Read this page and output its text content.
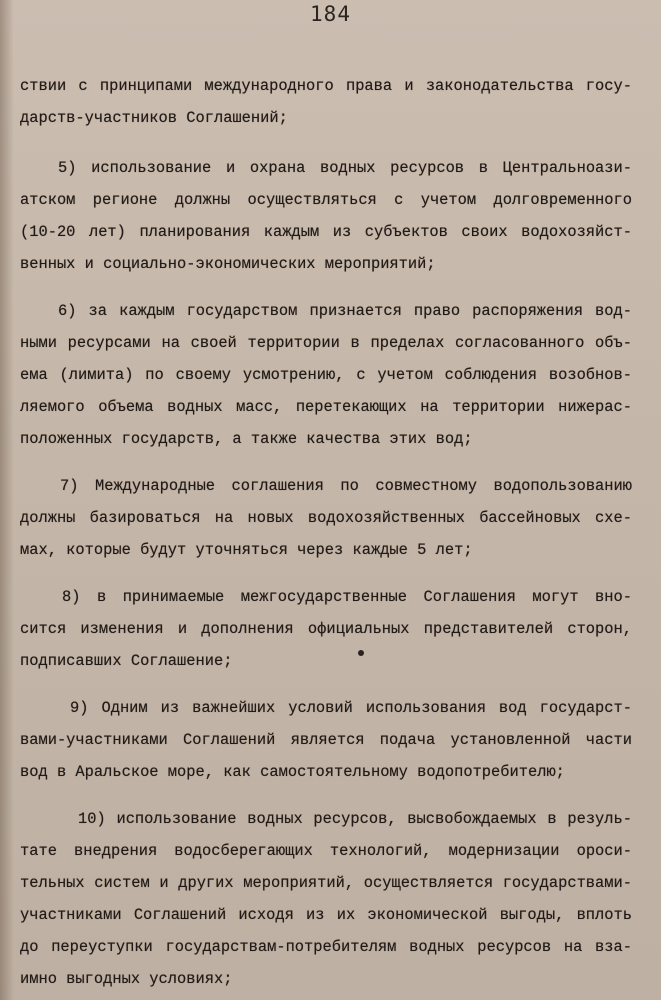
184
ствии с принципами международного права и законодательства госу-
дарств-участников Соглашений;
5) использование и охрана водных ресурсов в Центральноази-
атском регионе должны осуществляться с учетом долговременного
(10-20 лет) планирования каждым из субъектов своих водохозяйст-
венных и социально-экономических мероприятий;
6) за каждым государством признается право распоряжения вод-
ными ресурсами на своей территории в пределах согласованного объ-
ема (лимита) по своему усмотрению, с учетом соблюдения возобнов-
ляемого объема водных масс, перетекающих на территории нижерас-
положенных государств, а также качества этих вод;
7) Международные соглашения по совместному водопользованию
должны базироваться на новых водохозяйственных бассейновых схе-
мах, которые будут уточняться через каждые 5 лет;
8) в принимаемые межгосударственные Соглашения могут вно-
сится изменения и дополнения официальных представителей сторон,
подписавших Соглашение;
9) Одним из важнейших условий использования вод государст-
вами-участниками Соглашений является подача установленной части
вод в Аральское море, как самостоятельному водопотребителю;
10) использование водных ресурсов, высвобождаемых в резуль-
тате внедрения водосберегающих технологий, модернизации ороси-
тельных систем и других мероприятий, осуществляется государствами-
участниками Соглашений исходя из их экономической выгоды, вплоть
до переуступки государствам-потребителям водных ресурсов на вза-
имно выгодных условиях;
